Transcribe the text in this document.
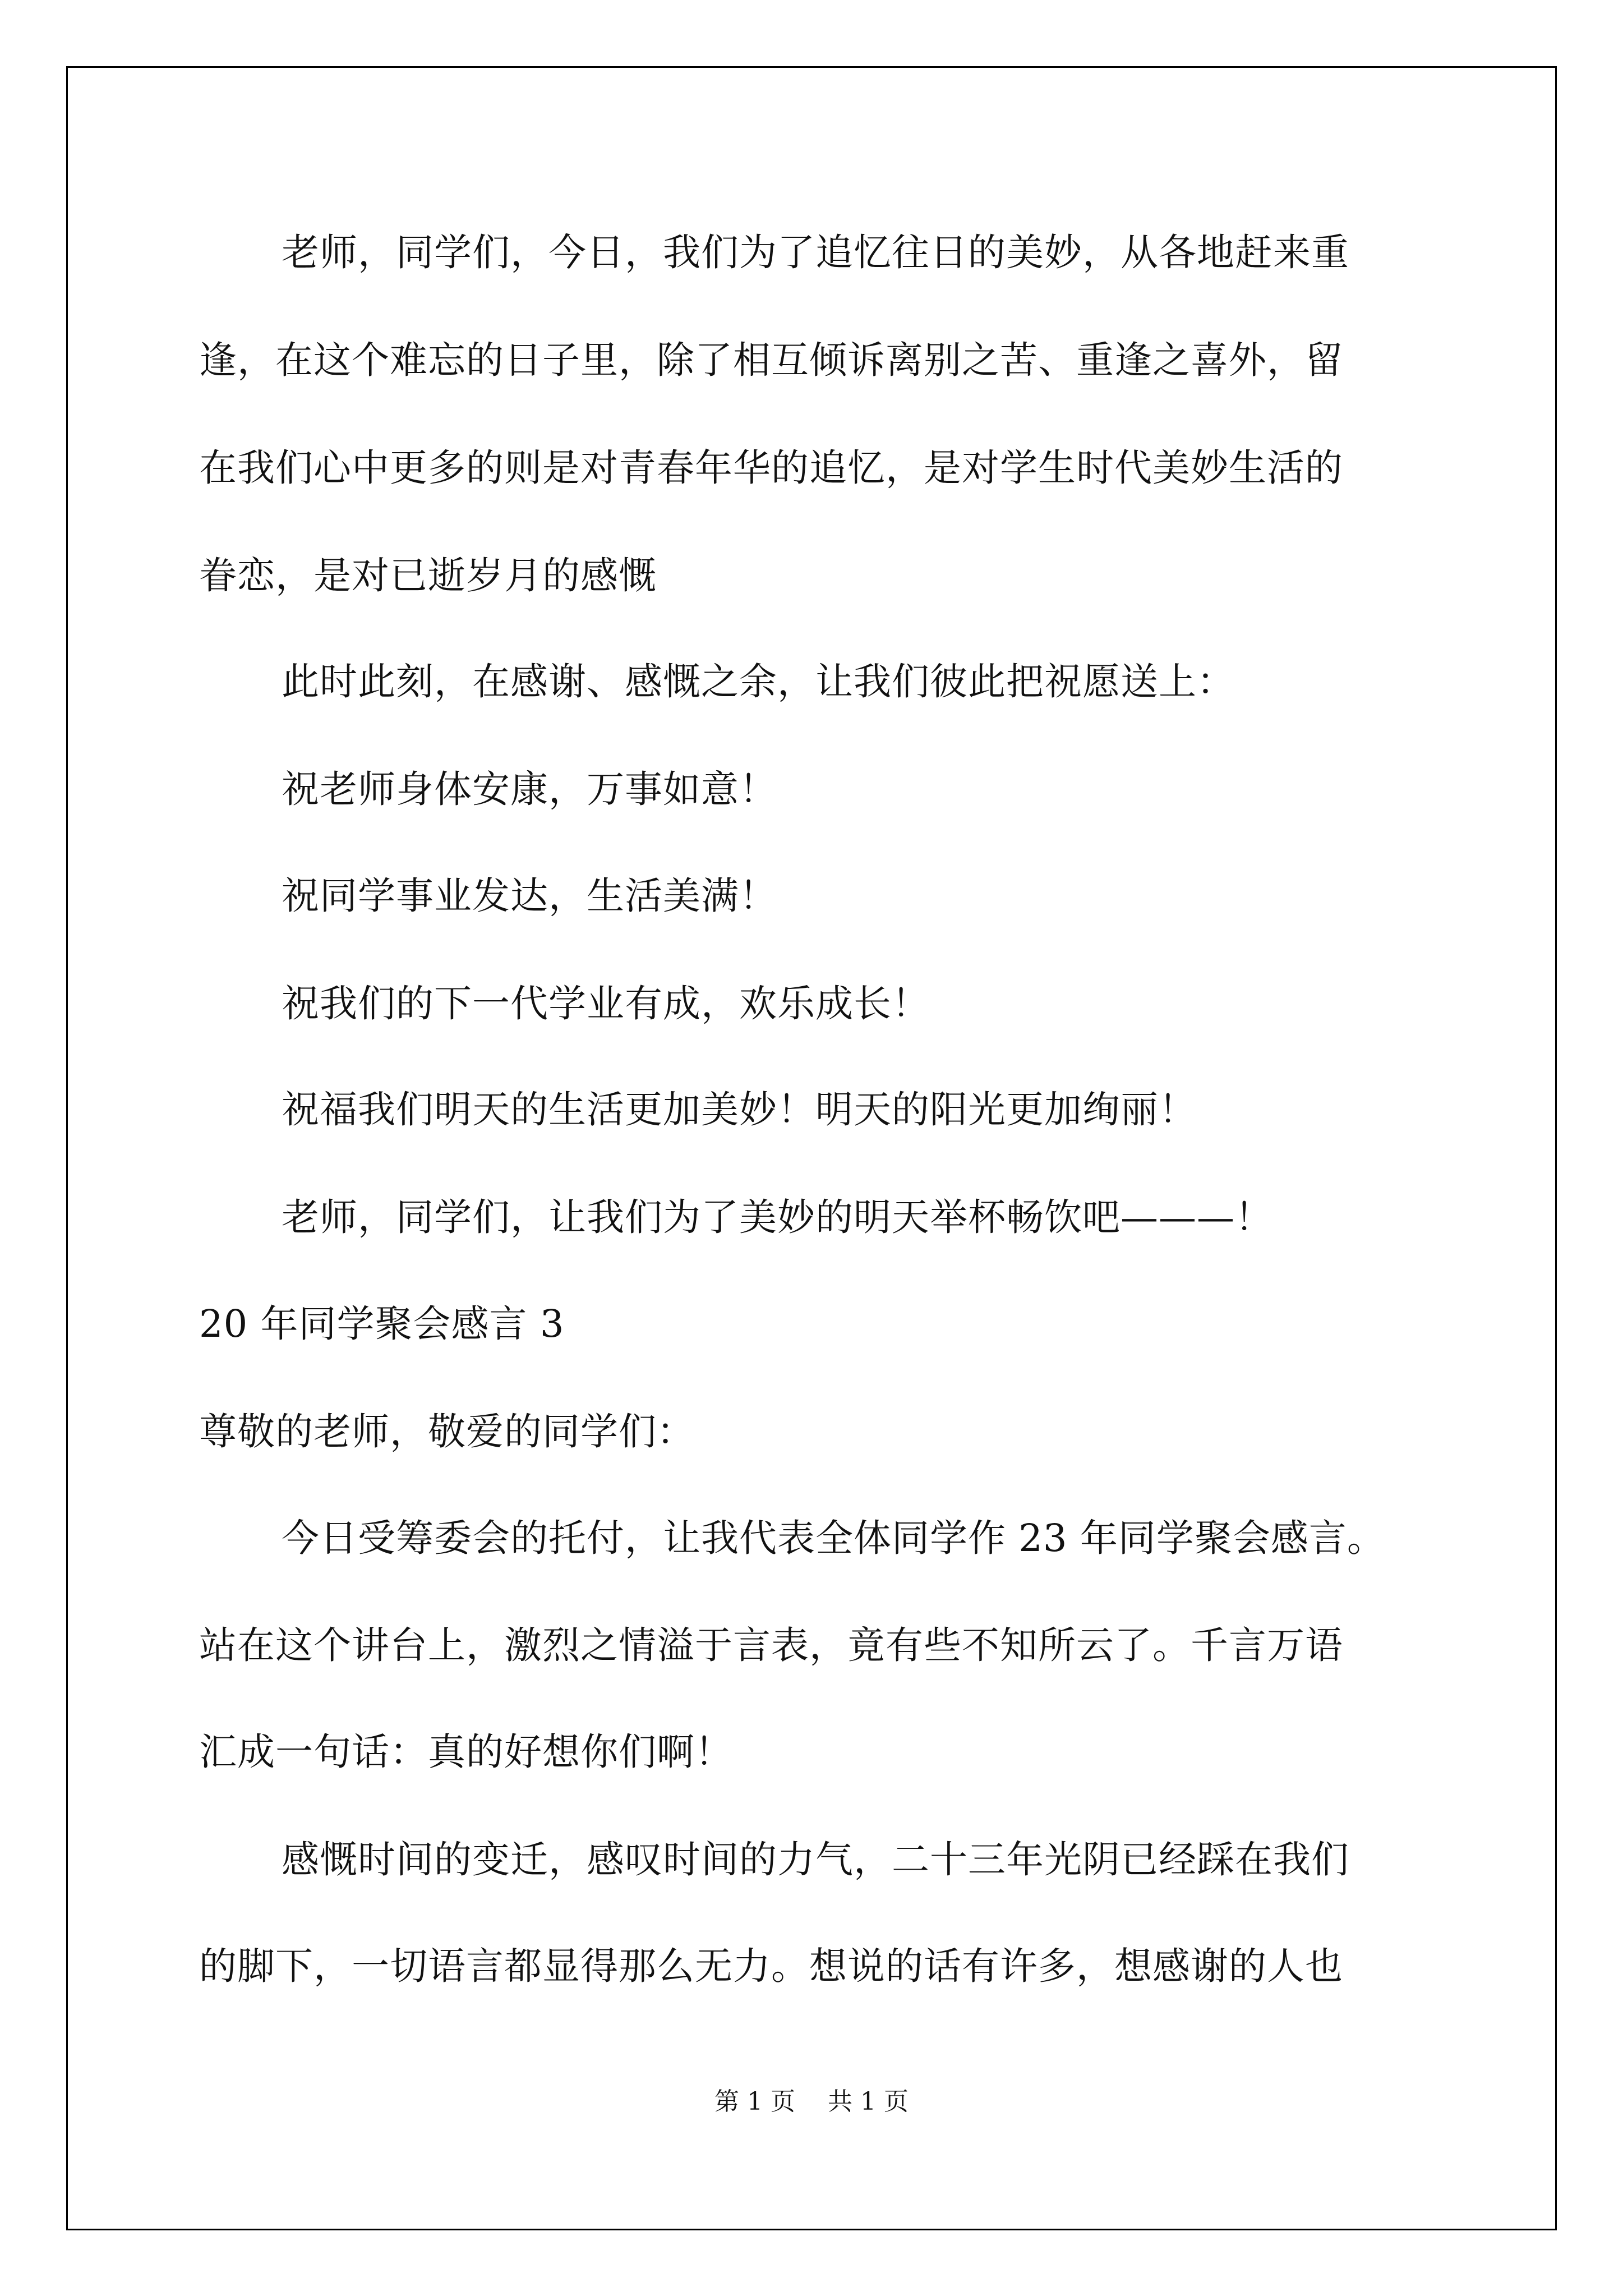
老师，同学们，今日，我们为了追忆往日的美妙，从各地赶来重
逢，在这个难忘的日子里，除了相互倾诉离别之苦、重逢之喜外，留
在我们心中更多的则是对青春年华的追忆，是对学生时代美妙生活的
眷恋，是对已逝岁月的感慨
此时此刻，在感谢、感慨之余，让我们彼此把祝愿送上：
祝老师身体安康，万事如意！
祝同学事业发达，生活美满！
祝我们的下一代学业有成，欢乐成长！
祝福我们明天的生活更加美妙！明天的阳光更加绚丽！
老师，同学们，让我们为了美妙的明天举杯畅饮吧———！
20 年同学聚会感言 3
尊敬的老师，敬爱的同学们：
今日受筹委会的托付，让我代表全体同学作 23 年同学聚会感言。
站在这个讲台上，激烈之情溢于言表，竟有些不知所云了。千言万语
汇成一句话：真的好想你们啊！
感慨时间的变迁，感叹时间的力气，二十三年光阴已经踩在我们
的脚下，一切语言都显得那么无力。想说的话有许多，想感谢的人也
第 1 页　 共 1 页
